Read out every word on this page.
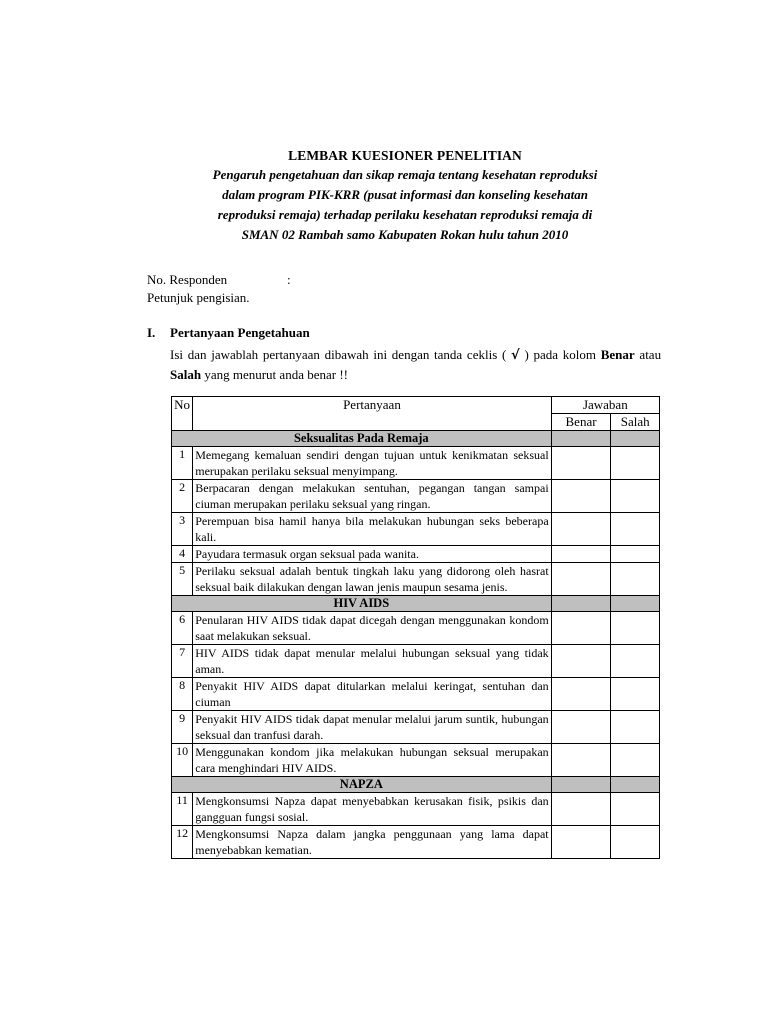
LEMBAR KUESIONER PENELITIAN
Pengaruh pengetahuan dan sikap remaja tentang kesehatan reproduksi
dalam program PIK-KRR (pusat informasi dan konseling kesehatan
reproduksi remaja) terhadap perilaku kesehatan reproduksi remaja di
SMAN 02 Rambah samo Kabupaten Rokan hulu tahun 2010
No. Responden	:
Petunjuk pengisian.
I. Pertanyaan Pengetahuan
Isi dan jawablah pertanyaan dibawah ini dengan tanda ceklis ( √ ) pada kolom Benar atau Salah yang menurut anda benar !!
No	Pertanyaan	Jawaban	
		Benar	Salah
Seksualitas Pada Remaja			
1	Memegang kemaluan sendiri dengan tujuan untuk kenikmatan seksual merupakan perilaku seksual menyimpang.		
2	Berpacaran dengan melakukan sentuhan, pegangan tangan sampai ciuman merupakan perilaku seksual yang ringan.		
3	Perempuan bisa hamil hanya bila melakukan hubungan seks beberapa kali.		
4	Payudara termasuk organ seksual pada wanita.		
5	Perilaku seksual adalah bentuk tingkah laku yang didorong oleh hasrat seksual baik dilakukan dengan lawan jenis maupun sesama jenis.		
HIV AIDS			
6	Penularan HIV AIDS tidak dapat dicegah dengan menggunakan kondom saat melakukan seksual.		
7	HIV AIDS tidak dapat menular melalui hubungan seksual yang tidak aman.		
8	Penyakit HIV AIDS dapat ditularkan melalui keringat, sentuhan dan ciuman		
9	Penyakit HIV AIDS tidak dapat menular melalui jarum suntik, hubungan seksual dan tranfusi darah.		
10	Menggunakan kondom jika melakukan hubungan seksual merupakan cara menghindari HIV AIDS.		
NAPZA			
11	Mengkonsumsi Napza dapat menyebabkan kerusakan fisik, psikis dan gangguan fungsi sosial.		
12	Mengkonsumsi Napza dalam jangka penggunaan yang lama dapat menyebabkan kematian.		
